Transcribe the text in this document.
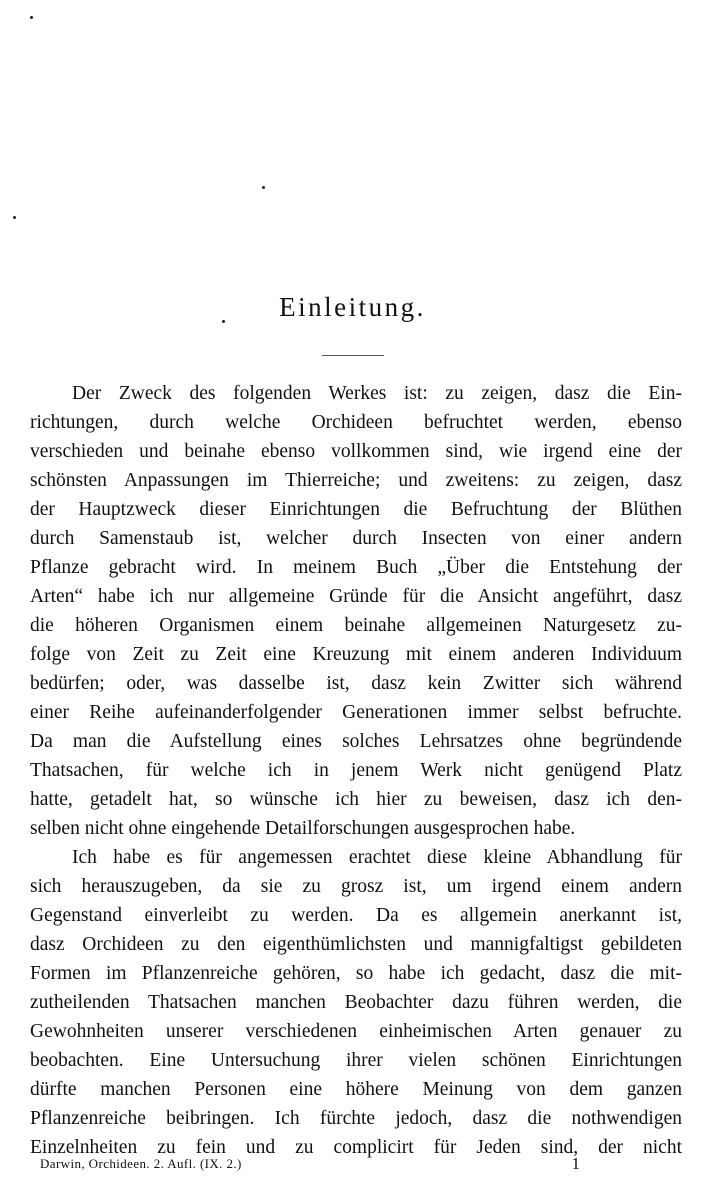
Einleitung.
Der Zweck des folgenden Werkes ist: zu zeigen, dasz die Ein-
richtungen, durch welche Orchideen befruchtet werden, ebenso
verschieden und beinahe ebenso vollkommen sind, wie irgend eine der
schönsten Anpassungen im Thierreiche; und zweitens: zu zeigen, dasz
der Hauptzweck dieser Einrichtungen die Befruchtung der Blüthen
durch Samenstaub ist, welcher durch Insecten von einer andern
Pflanze gebracht wird. In meinem Buch „Über die Entstehung der
Arten“ habe ich nur allgemeine Gründe für die Ansicht angeführt, dasz
die höheren Organismen einem beinahe allgemeinen Naturgesetz zu-
folge von Zeit zu Zeit eine Kreuzung mit einem anderen Individuum
bedürfen; oder, was dasselbe ist, dasz kein Zwitter sich während
einer Reihe aufeinanderfolgender Generationen immer selbst befruchte.
Da man die Aufstellung eines solches Lehrsatzes ohne begründende
Thatsachen, für welche ich in jenem Werk nicht genügend Platz
hatte, getadelt hat, so wünsche ich hier zu beweisen, dasz ich den-
selben nicht ohne eingehende Detailforschungen ausgesprochen habe.
Ich habe es für angemessen erachtet diese kleine Abhandlung für
sich herauszugeben, da sie zu grosz ist, um irgend einem andern
Gegenstand einverleibt zu werden. Da es allgemein anerkannt ist,
dasz Orchideen zu den eigenthümlichsten und mannigfaltigst gebildeten
Formen im Pflanzenreiche gehören, so habe ich gedacht, dasz die mit-
zutheilenden Thatsachen manchen Beobachter dazu führen werden, die
Gewohnheiten unserer verschiedenen einheimischen Arten genauer zu
beobachten. Eine Untersuchung ihrer vielen schönen Einrichtungen
dürfte manchen Personen eine höhere Meinung von dem ganzen
Pflanzenreiche beibringen. Ich fürchte jedoch, dasz die nothwendigen
Einzelnheiten zu fein und zu complicirt für Jeden sind, der nicht
Darwin, Orchideen. 2. Aufl. (IX. 2.)	1
